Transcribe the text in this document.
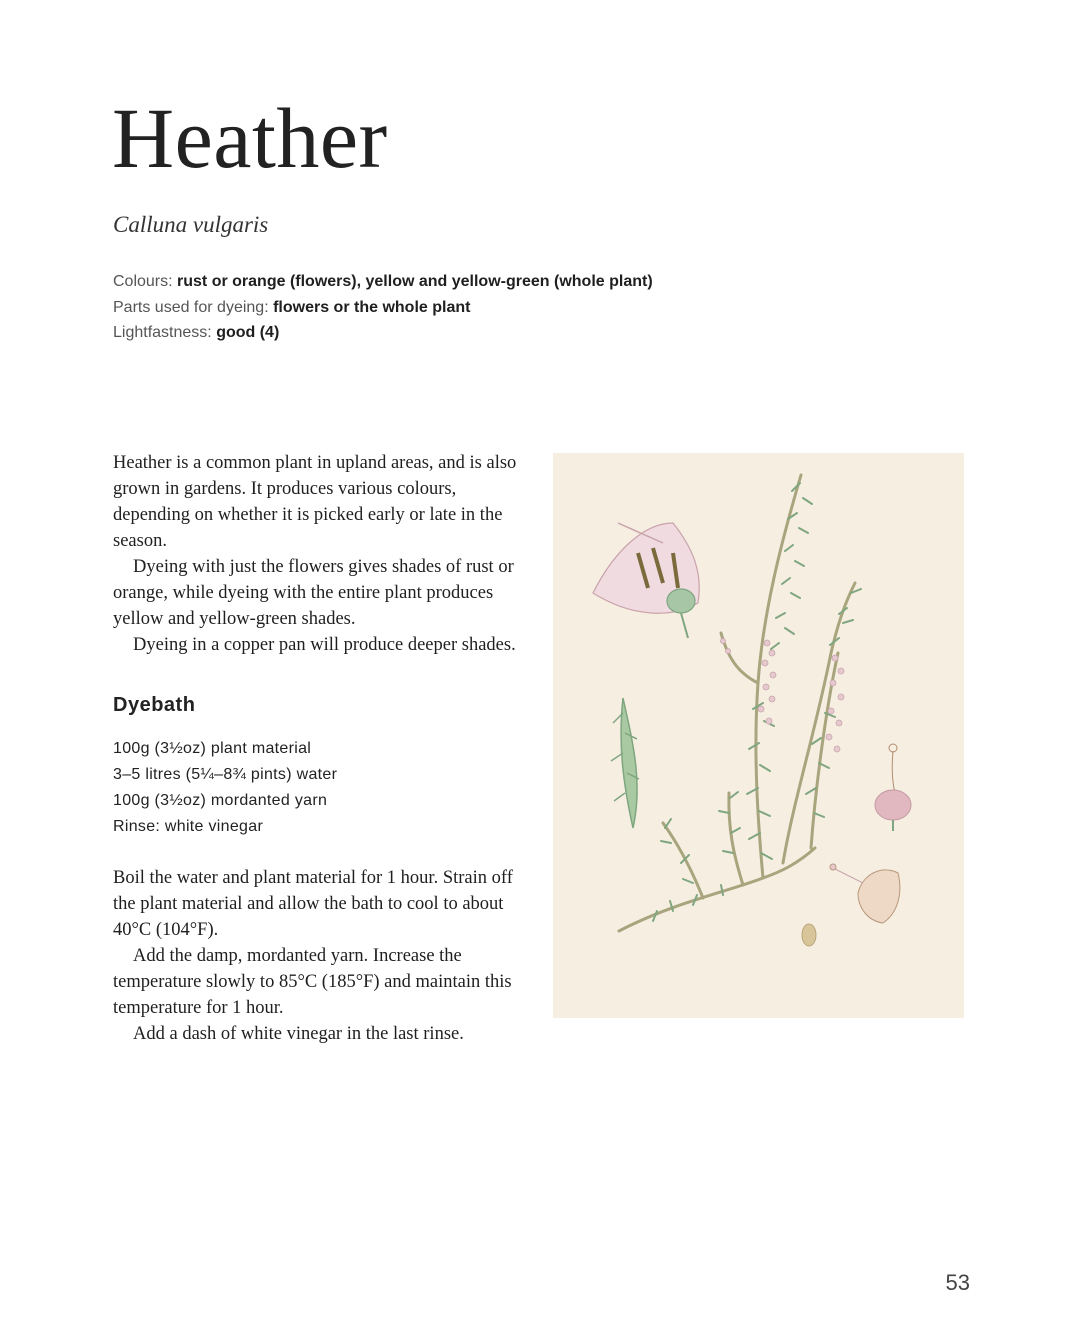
Heather
Calluna vulgaris
Colours: rust or orange (flowers), yellow and yellow-green (whole plant)
Parts used for dyeing: flowers or the whole plant
Lightfastness: good (4)

Heather is a common plant in upland areas, and is also grown in gardens. It produces various colours, depending on whether it is picked early or late in the season.

Dyeing with just the flowers gives shades of rust or orange, while dyeing with the entire plant produces yellow and yellow-green shades.

Dyeing in a copper pan will produce deeper shades.

Dyebath
100g (3½oz) plant material
3–5 litres (5¼–8¾ pints) water
100g (3½oz) mordanted yarn
Rinse: white vinegar

Boil the water and plant material for 1 hour. Strain off the plant material and allow the bath to cool to about 40°C (104°F).

Add the damp, mordanted yarn. Increase the temperature slowly to 85°C (185°F) and maintain this temperature for 1 hour.

Add a dash of white vinegar in the last rinse.

53
